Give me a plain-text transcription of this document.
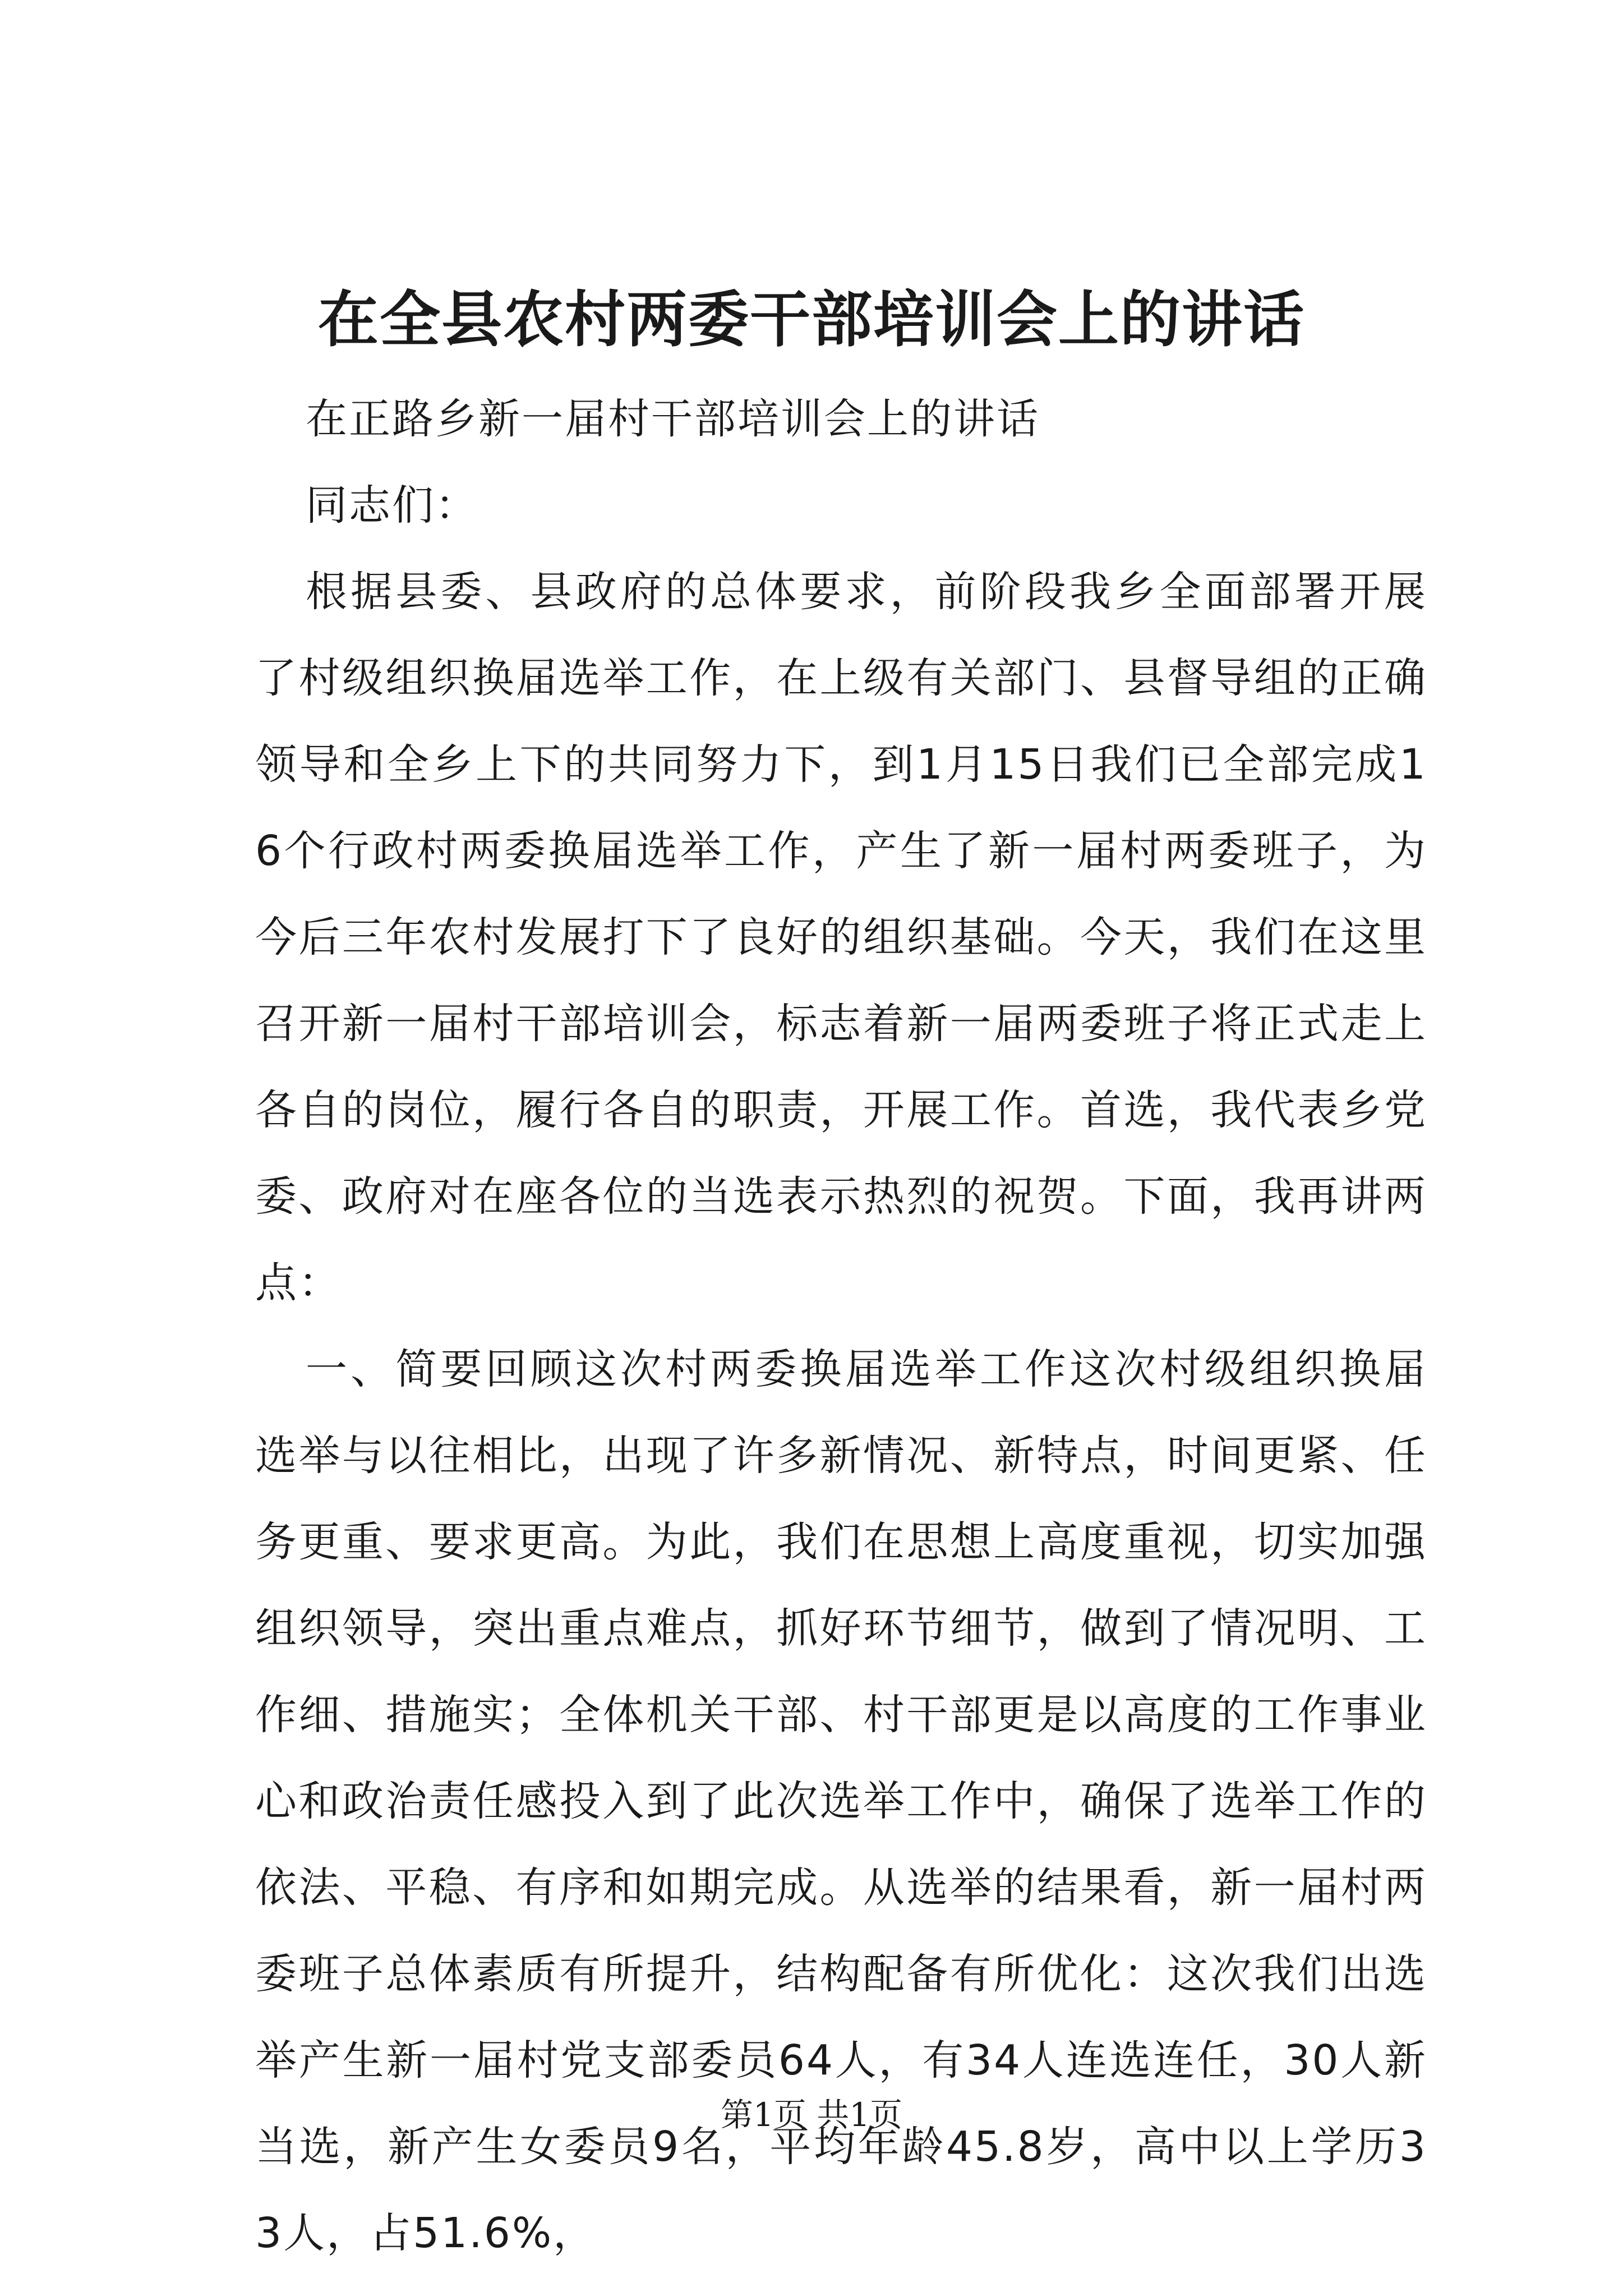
在全县农村两委干部培训会上的讲话

在正路乡新一届村干部培训会上的讲话

同志们：

根据县委、县政府的总体要求，前阶段我乡全面部署开展了村级组织换届选举工作，在上级有关部门、县督导组的正确领导和全乡上下的共同努力下，到1月15日我们已全部完成16个行政村两委换届选举工作，产生了新一届村两委班子，为今后三年农村发展打下了良好的组织基础。今天，我们在这里召开新一届村干部培训会，标志着新一届两委班子将正式走上各自的岗位，履行各自的职责，开展工作。首选，我代表乡党委、政府对在座各位的当选表示热烈的祝贺。下面，我再讲两点：

一、简要回顾这次村两委换届选举工作这次村级组织换届选举与以往相比，出现了许多新情况、新特点，时间更紧、任务更重、要求更高。为此，我们在思想上高度重视，切实加强组织领导，突出重点难点，抓好环节细节，做到了情况明、工作细、措施实；全体机关干部、村干部更是以高度的工作事业心和政治责任感投入到了此次选举工作中，确保了选举工作的依法、平稳、有序和如期完成。从选举的结果看，新一届村两委班子总体素质有所提升，结构配备有所优化：这次我们出选举产生新一届村党支部委员64人，有34人连选连任，30人新当选，新产生女委员9名，平均年龄45.8岁，高中以上学历33人，占51.6%，

第1页 共1页
